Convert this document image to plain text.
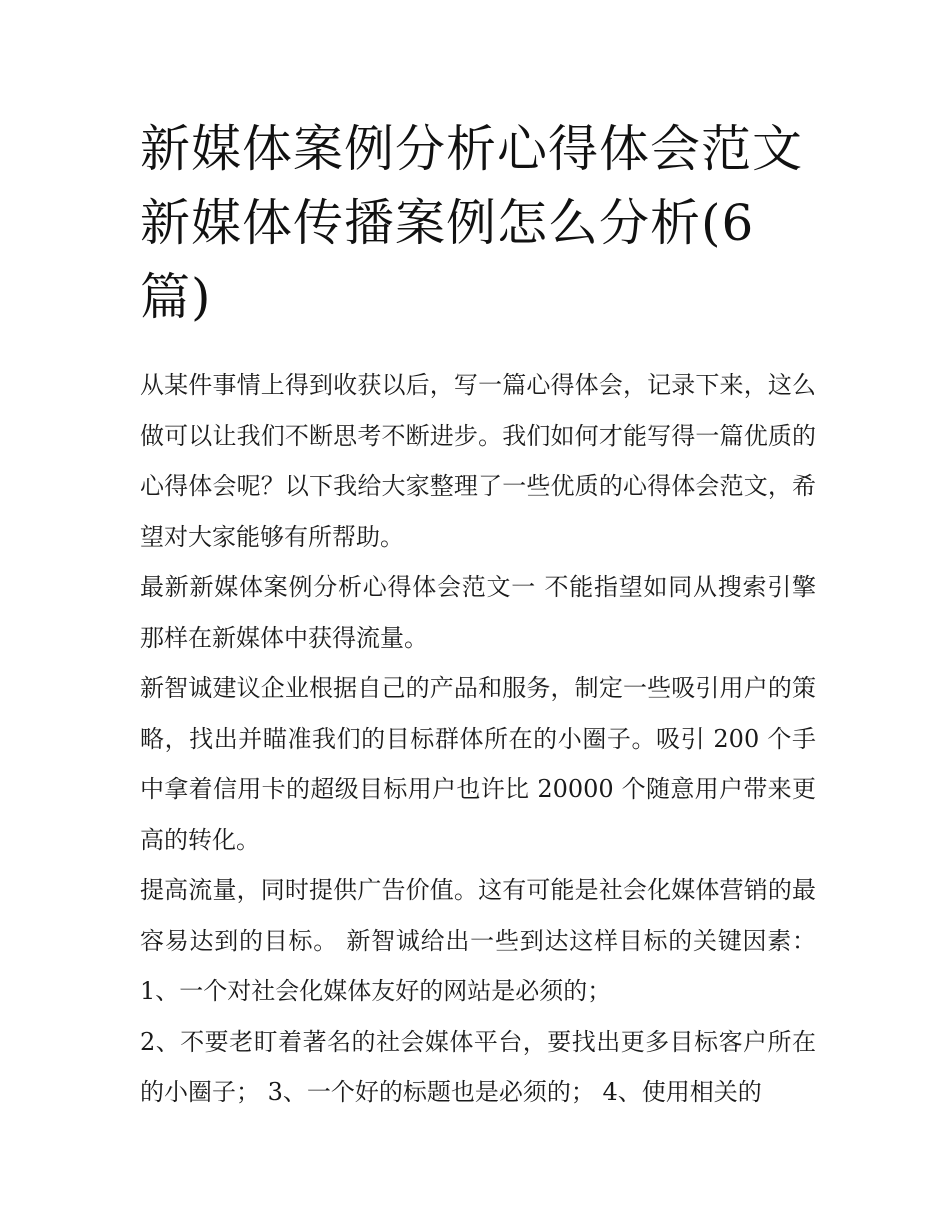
新媒体案例分析心得体会范文新媒体传播案例怎么分析(6篇)

从某件事情上得到收获以后，写一篇心得体会，记录下来，这么做可以让我们不断思考不断进步。我们如何才能写得一篇优质的心得体会呢？以下我给大家整理了一些优质的心得体会范文，希望对大家能够有所帮助。

最新新媒体案例分析心得体会范文一 不能指望如同从搜索引擎那样在新媒体中获得流量。

新智诚建议企业根据自己的产品和服务，制定一些吸引用户的策略，找出并瞄准我们的目标群体所在的小圈子。吸引 200 个手中拿着信用卡的超级目标用户也许比 20000 个随意用户带来更高的转化。

提高流量，同时提供广告价值。这有可能是社会化媒体营销的最容易达到的目标。 新智诚给出一些到达这样目标的关键因素： 1、一个对社会化媒体友好的网站是必须的；

2、不要老盯着著名的社会媒体平台，要找出更多目标客户所在的小圈子； 3、一个好的标题也是必须的； 4、使用相关的
